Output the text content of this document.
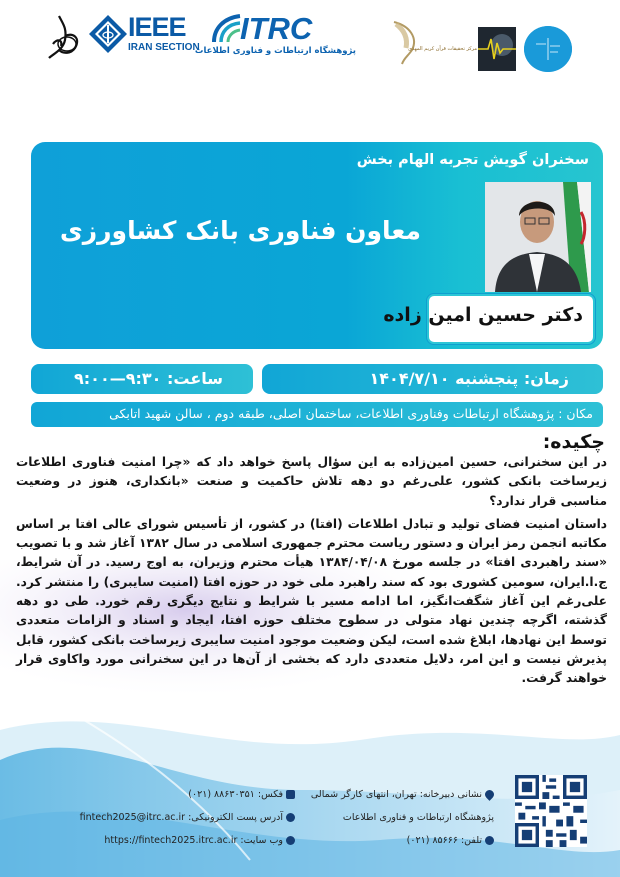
IEEE
IRAN SECTION
ITRC
پژوهشگاه ارتباطات و فناوری اطلاعات	مرکز تحقیقات قرآن کریم المهدی
سخنران گویش تجربه الهام بخش
معاون فناوری بانک کشاورزی
دکتر حسین امین زاده
زمان: پنجشنبه ۱۴۰۴/۷/۱۰
ساعت: ۹:۳۰—۹:۰۰
مکان : پژوهشگاه ارتباطات وفناوری اطلاعات، ساختمان اصلی، طبقه دوم ، سالن شهید اتابکی
چکیده:

در این سخنرانی، حسین امین‌زاده به این سؤال پاسخ خواهد داد که «چرا امنیت فناوری اطلاعات زیرساخت بانکی کشور، علی‌رغم دو دهه تلاش حاکمیت و صنعت «بانکداری، هنوز در وضعیت مناسبی قرار ندارد؟

داستان امنیت فضای تولید و تبادل اطلاعات (افتا) در کشور، از تأسیس شورای عالی افتا بر اساس مکاتبه انجمن رمز ایران و دستور ریاست محترم جمهوری اسلامی در سال ۱۳۸۲ آغاز شد و با تصویب «سند راهبردی افتا» در جلسه مورخ ۱۳۸۴/۰۴/۰۸ هیأت محترم وزیران، به اوج رسید. در آن شرایط، ج.ا.ایران، سومین کشوری بود که سند راهبرد ملی خود در حوزه افتا (امنیت سایبری) را منتشر کرد. علی‌رغم این آغاز شگفت‌انگیز، اما ادامه مسیر با شرایط و نتایج دیگری رقم خورد. طی دو دهه گذشته، اگرچه چندین نهاد متولی در سطوح مختلف حوزه افتا، ایجاد و اسناد و الزامات متعددی توسط این نهادها، ابلاغ شده است، لیکن وضعیت موجود امنیت سایبری زیرساخت بانکی کشور، قابل پذیرش نیست و این امر، دلایل متعددی دارد که بخشی از آن‌ها در این سخنرانی مورد واکاوی قرار خواهند گرفت.

نشانی دبیرخانه: تهران، انتهای کارگر شمالی
پژوهشگاه ارتباطات و فناوری اطلاعات
تلفن: ۸۵۶۶۶ (۰۲۱)
فکس: ۸۸۶۳۰۳۵۱ (۰۲۱)
آدرس پست الکترونیکی: fintech2025@itrc.ac.ir
وب سایت: https://fintech2025.itrc.ac.ir
